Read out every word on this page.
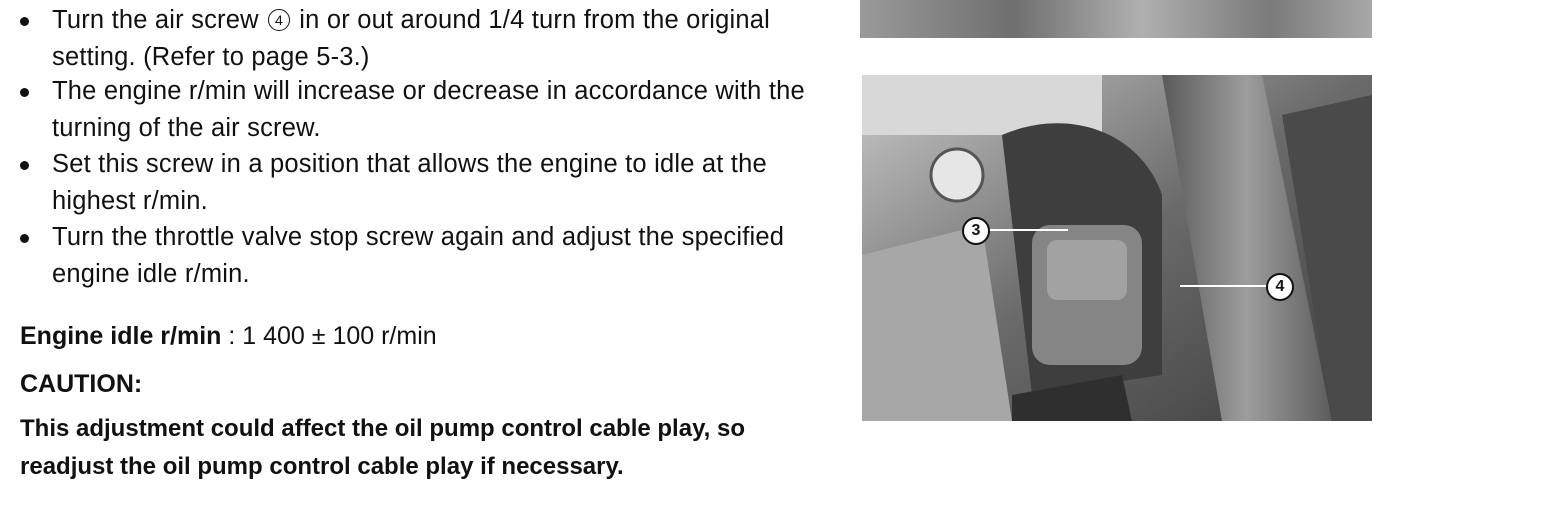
Turn the air screw 4 in or out around 1/4 turn from the original setting. (Refer to page 5-3.)
The engine r/min will increase or decrease in accordance with the turning of the air screw.
Set this screw in a position that allows the engine to idle at the highest r/min.
Turn the throttle valve stop screw again and adjust the specified engine idle r/min.
Engine idle r/min : 1 400 ± 100 r/min
CAUTION:
This adjustment could affect the oil pump control cable play, so readjust the oil pump control cable play if necessary.
3
4
